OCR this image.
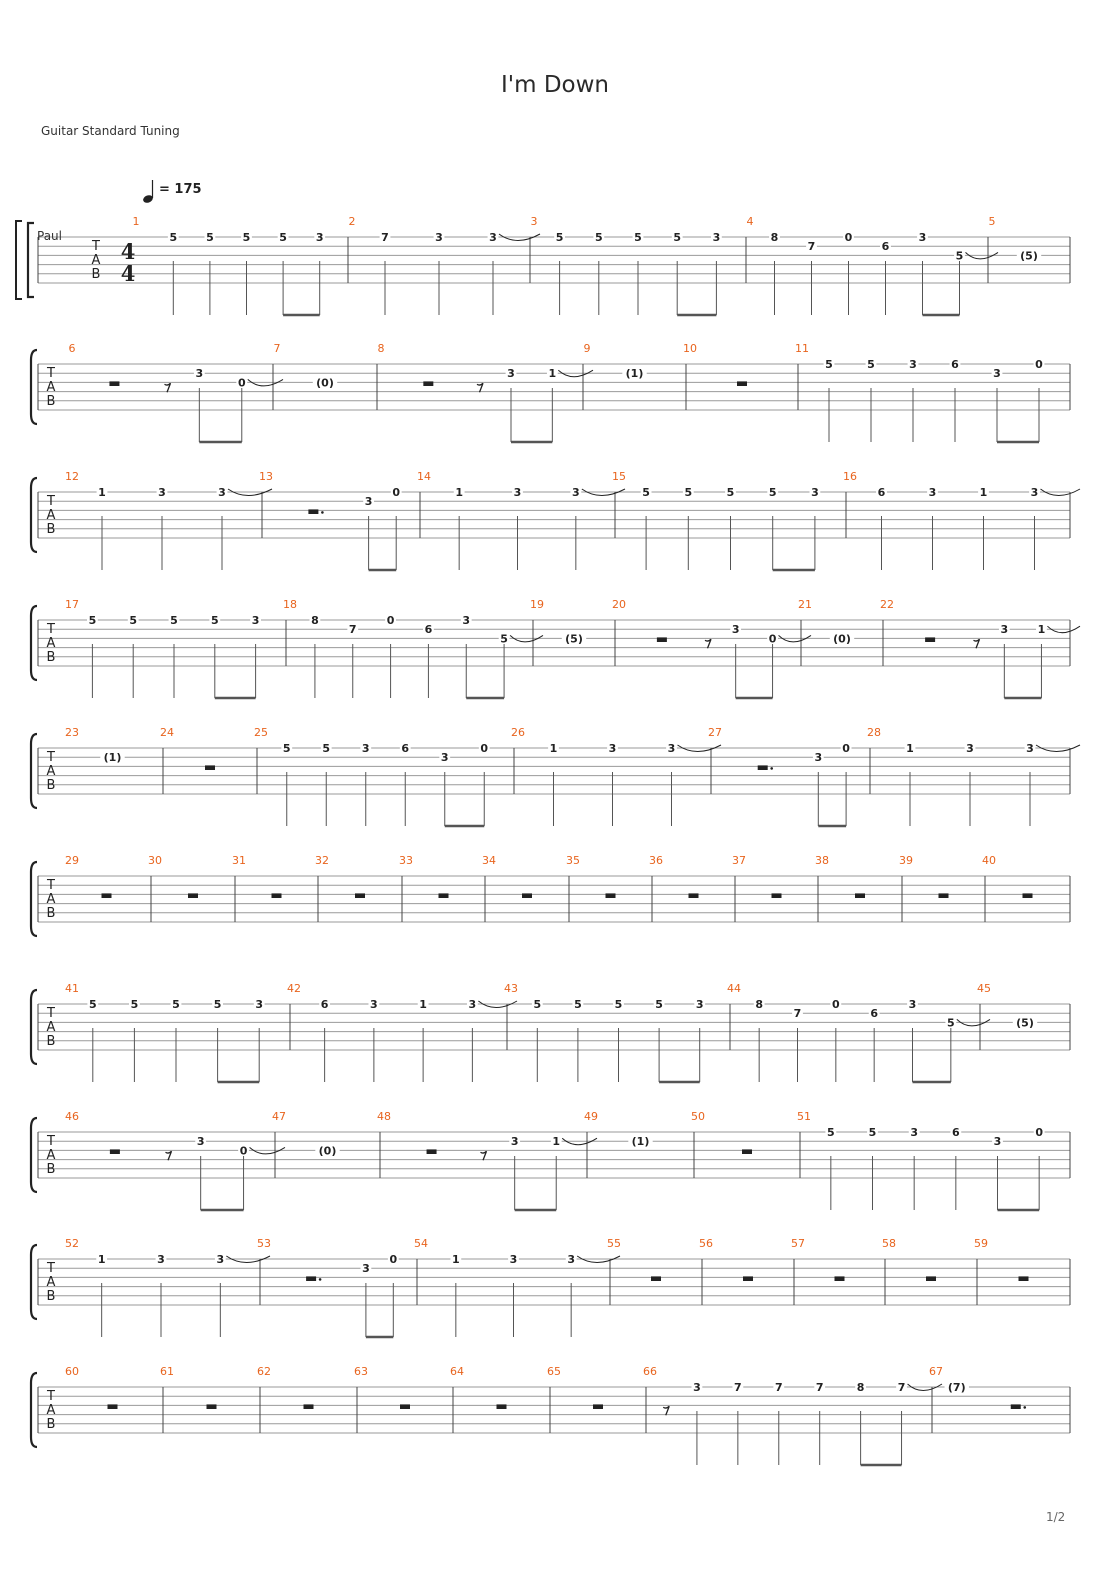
I'm Down
Guitar Standard Tuning
1/2
T
A
B
4
4
Paul
= 175
1
5	5	5	5	3
2
7	3	3
3
5	5	5	5	3
4
8
7
0
6
3
5
5
(5)
T
A
B
6
3
0
7
(0)
8
3	1
9
(1)
10	11
5	5	3	6
3
0
T
A
B
12
1	3	3
13
3
0
14
1	3	3
15
5	5	5	5	3
16
6	3	1	3
T
A
B
17
5	5	5	5	3
18
8
7
0
6
3
5
19
(5)
20
3
0
21
(0)
22
3	1
T
A
B
23
(1)
24	25
5	5	3	6
3
0
26
1	3	3
27
3
0
28
1	3	3
T
A
B
29	30	31	32	33	34	35	36	37	38	39	40
T
A
B
41
5	5	5	5	3
42
6	3	1	3
43
5	5	5	5	3
44
8
7
0
6
3
5
45
(5)
T
A
B
46
3
0
47
(0)
48
3	1
49
(1)
50	51
5	5	3	6
3
0
T
A
B
52
1	3	3
53
3
0
54
1	3	3
55	56	57	58	59
T
A
B
60	61	62	63	64	65	66
3	7	7	7	8	7
67
(7)
